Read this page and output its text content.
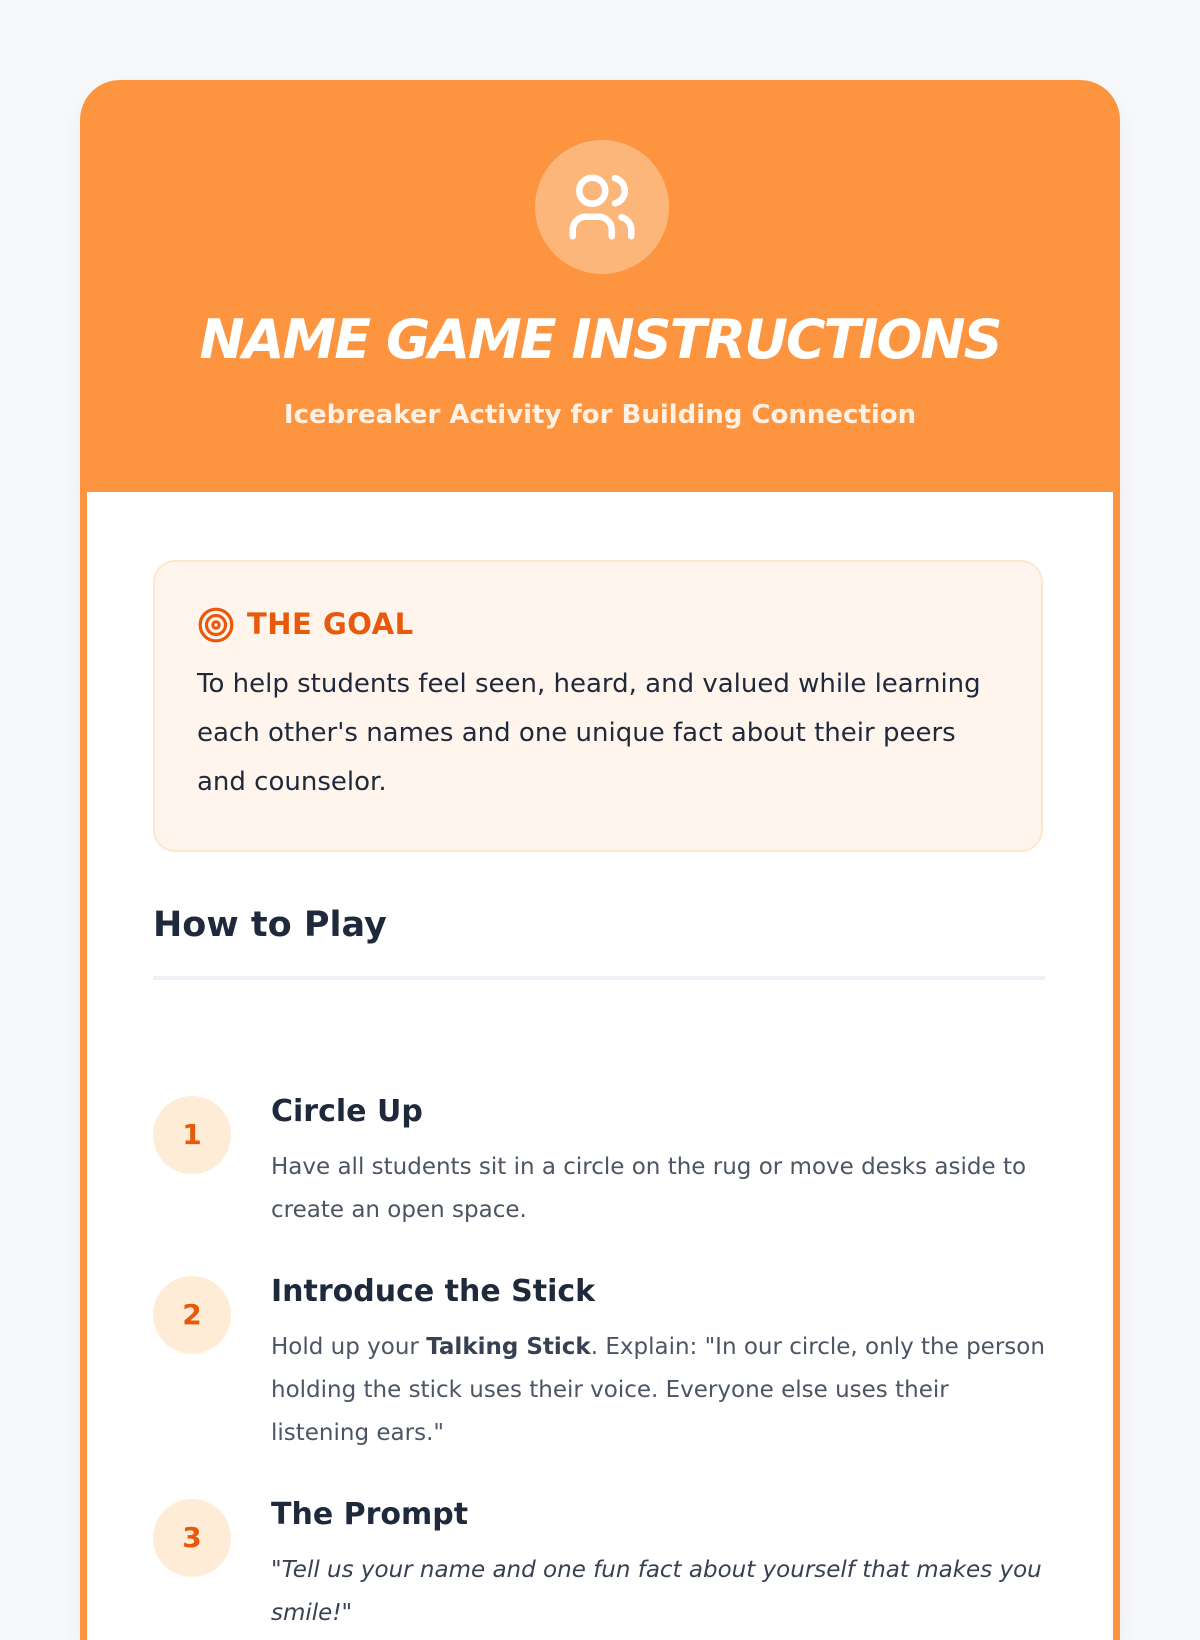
NAME GAME INSTRUCTIONS
Icebreaker Activity for Building Connection
THE GOAL
To help students feel seen, heard, and valued while learning each other's names and one unique fact about their peers and counselor.
How to Play
1
Circle Up
Have all students sit in a circle on the rug or move desks aside to create an open space.
2
Introduce the Stick
Hold up your Talking Stick. Explain: "In our circle, only the person holding the stick uses their voice. Everyone else uses their listening ears."
3
The Prompt
"Tell us your name and one fun fact about yourself that makes you smile!"
